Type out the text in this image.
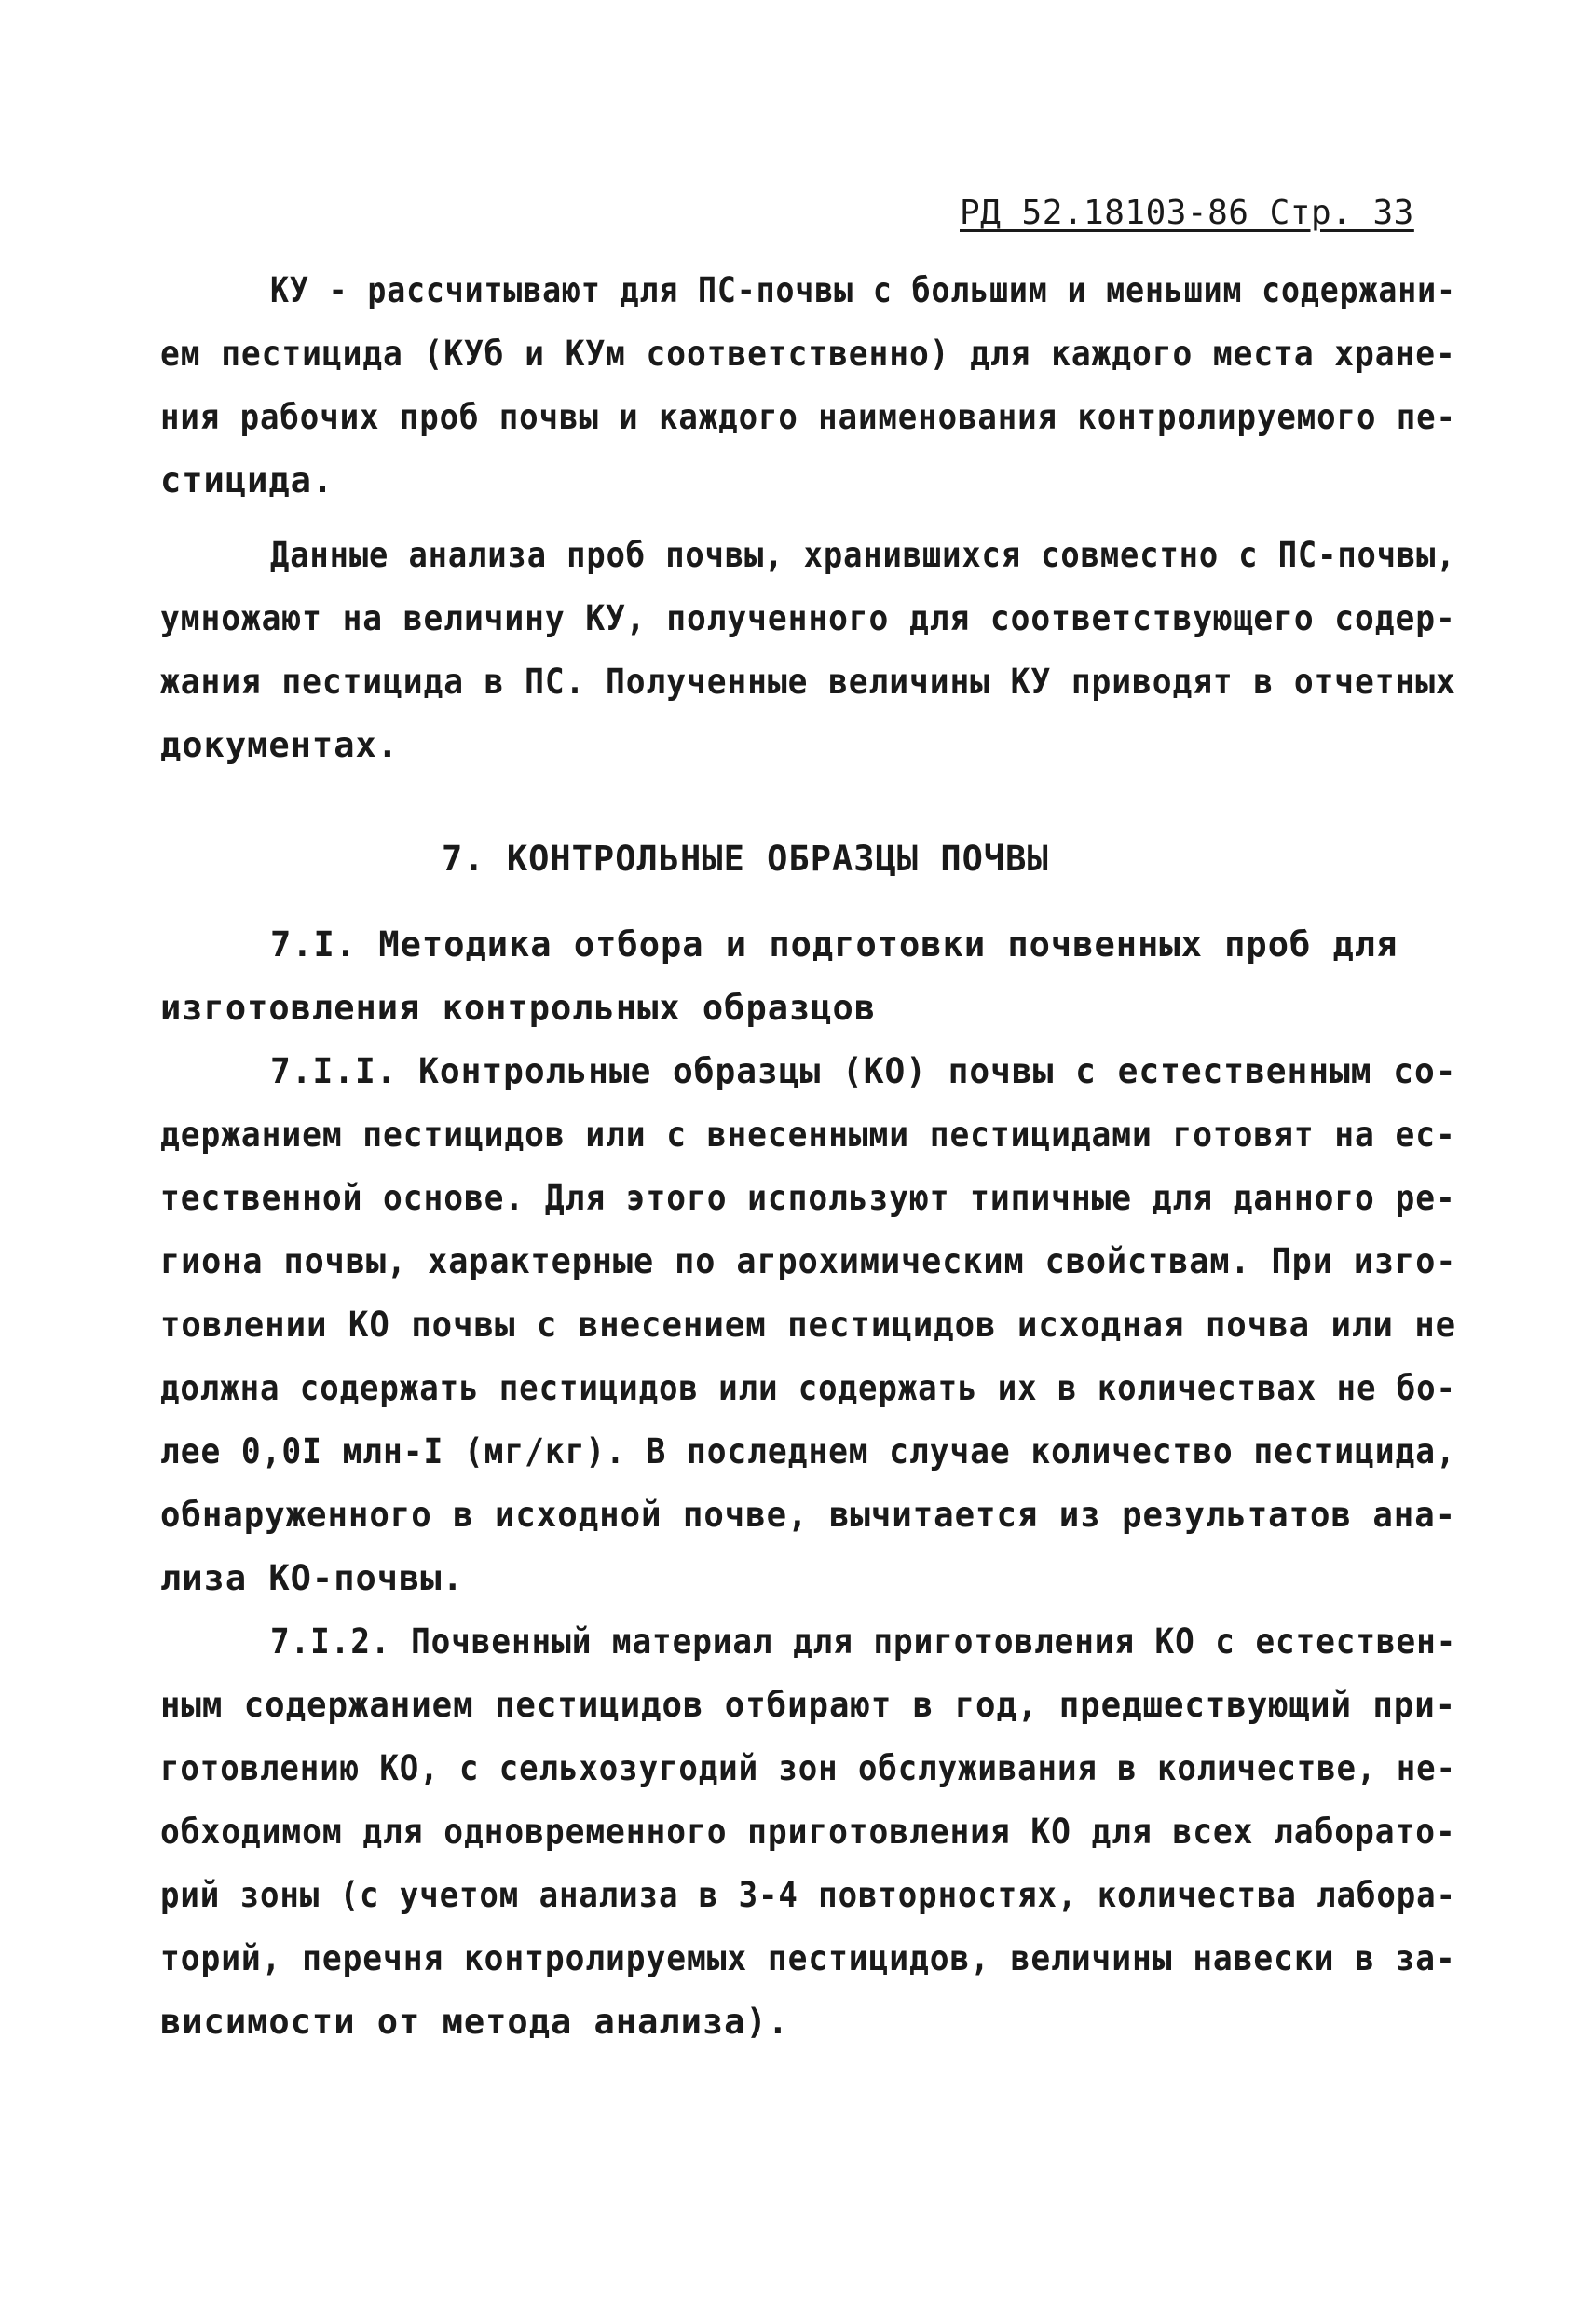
РД 52.18103-86 Стр. 33
КУ - рассчитывают для ПС-почвы с большим и меньшим содержани-
ем пестицида (КУб и КУм соответственно) для каждого места хране-
ния рабочих проб почвы и каждого наименования контролируемого пе-
стицида.
Данные анализа проб почвы, хранившихся совместно с ПС-почвы,
умножают на величину КУ, полученного для соответствующего содер-
жания пестицида в ПС. Полученные величины КУ приводят в отчетных
документах.
7. КОНТРОЛЬНЫЕ ОБРАЗЦЫ ПОЧВЫ
7.I. Методика отбора и подготовки почвенных проб для
изготовления контрольных образцов
7.I.I. Контрольные образцы (КО) почвы с естественным со-
держанием пестицидов или с внесенными пестицидами готовят на ес-
тественной основе. Для этого используют типичные для данного ре-
гиона почвы, характерные по агрохимическим свойствам. При изго-
товлении КО почвы с внесением пестицидов исходная почва или не
должна содержать пестицидов или содержать их в количествах не бо-
лее 0,0I млн-I (мг/кг). В последнем случае количество пестицида,
обнаруженного в исходной почве, вычитается из результатов ана-
лиза КО-почвы.
7.I.2. Почвенный материал для приготовления КО с естествен-
ным содержанием пестицидов отбирают в год, предшествующий при-
готовлению КО, с сельхозугодий зон обслуживания в количестве, не-
обходимом для одновременного приготовления КО для всех лаборато-
рий зоны (с учетом анализа в 3-4 повторностях, количества лабора-
торий, перечня контролируемых пестицидов, величины навески в за-
висимости от метода анализа).
